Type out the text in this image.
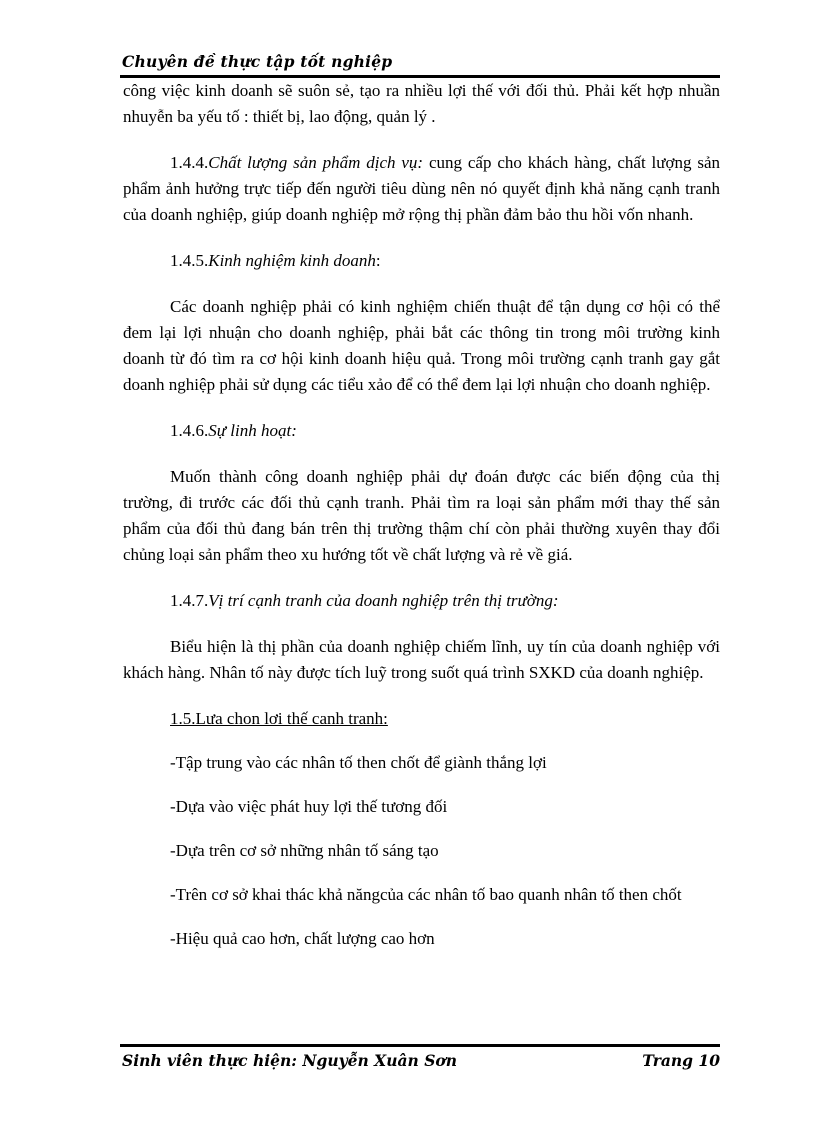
Chuyên đề thực tập tốt nghiệp

công việc kinh doanh sẽ suôn sẻ, tạo ra nhiều lợi thế với đối thủ. Phải kết hợp nhuần nhuyễn ba yếu tố : thiết bị, lao động, quản lý .

1.4.4.Chất lượng sản phẩm dịch vụ: cung cấp cho khách hàng, chất lượng sản phẩm ảnh hưởng trực tiếp đến người tiêu dùng nên nó quyết định khả năng cạnh tranh của doanh nghiệp, giúp doanh nghiệp mở rộng thị phần đảm bảo thu hồi vốn nhanh.

1.4.5.Kinh nghiệm kinh doanh:

Các doanh nghiệp phải có kinh nghiệm chiến thuật để tận dụng cơ hội có thể đem lại lợi nhuận cho doanh nghiệp, phải bắt các thông tin trong môi trường kinh doanh từ đó tìm ra cơ hội kinh doanh hiệu quả. Trong môi trường cạnh tranh gay gắt doanh nghiệp phải sử dụng các tiểu xảo để có thể đem lại lợi nhuận cho doanh nghiệp.

1.4.6.Sự linh hoạt:

Muốn thành công doanh nghiệp phải dự đoán được các biến động của thị trường, đi trước các đối thủ cạnh tranh. Phải tìm ra loại sản phẩm mới thay thế sản phẩm của đối thủ đang bán trên thị trường thậm chí còn phải thường xuyên thay đổi chủng loại sản phẩm theo xu hướng tốt về chất lượng và rẻ về giá.

1.4.7.Vị trí cạnh tranh của doanh nghiệp trên thị trường:

Biểu hiện là thị phần của doanh nghiệp chiếm lĩnh, uy tín của doanh nghiệp với khách hàng. Nhân tố này được tích luỹ trong suốt quá trình SXKD của doanh nghiệp.

1.5.Lưa chon lơi thế canh tranh:

-Tập trung vào các nhân tố then chốt để giành thắng lợi

-Dựa vào việc phát huy lợi thế tương đối

-Dựa trên cơ sở những nhân tố sáng tạo

-Trên cơ sở khai thác khả năngcủa các nhân tố bao quanh nhân tố then chốt

-Hiệu quả cao hơn, chất lượng cao hơn

Sinh viên thực hiện: Nguyễn Xuân Sơn	Trang 10
